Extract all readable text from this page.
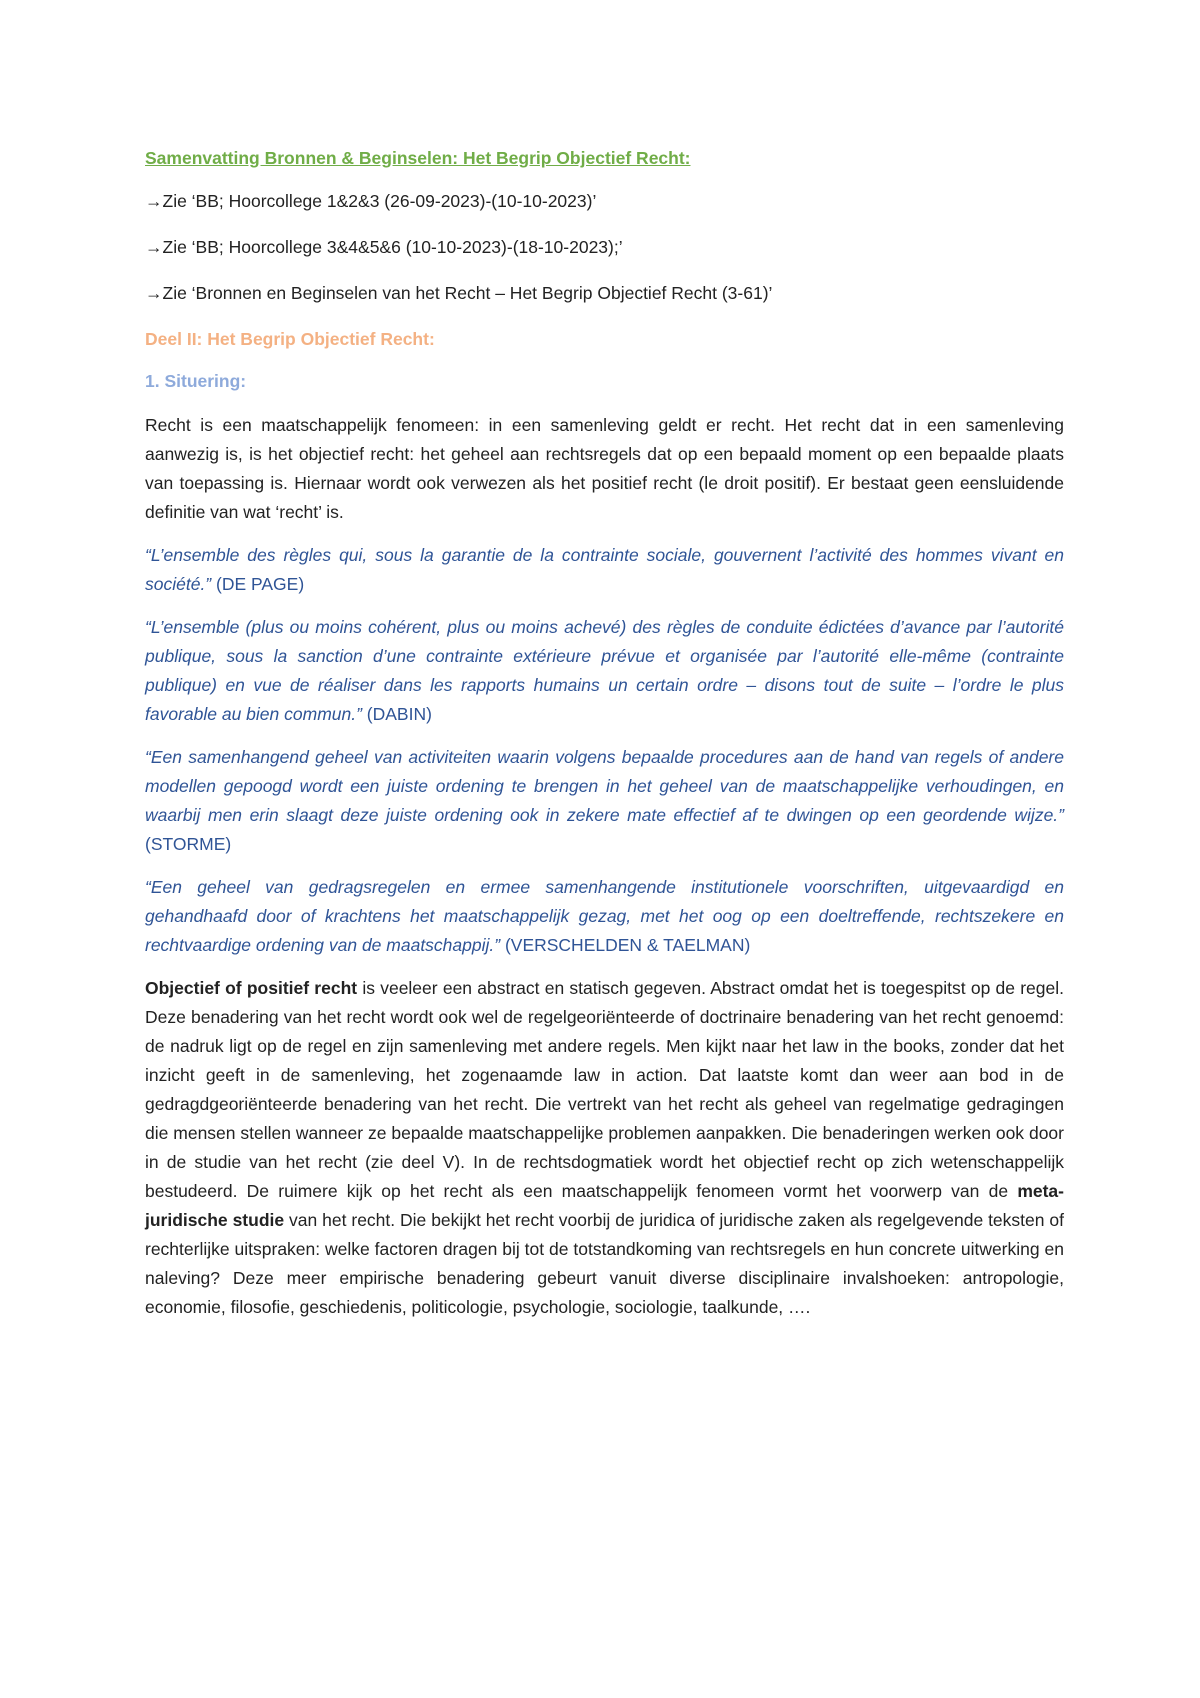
Samenvatting Bronnen & Beginselen: Het Begrip Objectief Recht:
→Zie ‘BB; Hoorcollege 1&2&3 (26-09-2023)-(10-10-2023)’
→Zie ‘BB; Hoorcollege 3&4&5&6 (10-10-2023)-(18-10-2023);’
→Zie ‘Bronnen en Beginselen van het Recht – Het Begrip Objectief Recht (3-61)’
Deel II: Het Begrip Objectief Recht:
1. Situering:

Recht is een maatschappelijk fenomeen: in een samenleving geldt er recht. Het recht dat in een samenleving aanwezig is, is het objectief recht: het geheel aan rechtsregels dat op een bepaald moment op een bepaalde plaats van toepassing is. Hiernaar wordt ook verwezen als het positief recht (le droit positif). Er bestaat geen eensluidende definitie van wat ‘recht’ is.

“L’ensemble des règles qui, sous la garantie de la contrainte sociale, gouvernent l’activité des hommes vivant en société.” (DE PAGE)

“L’ensemble (plus ou moins cohérent, plus ou moins achevé) des règles de conduite édictées d’avance par l’autorité publique, sous la sanction d’une contrainte extérieure prévue et organisée par l’autorité elle-même (contrainte publique) en vue de réaliser dans les rapports humains un certain ordre – disons tout de suite – l’ordre le plus favorable au bien commun.” (DABIN)

“Een samenhangend geheel van activiteiten waarin volgens bepaalde procedures aan de hand van regels of andere modellen gepoogd wordt een juiste ordening te brengen in het geheel van de maatschappelijke verhoudingen, en waarbij men erin slaagt deze juiste ordening ook in zekere mate effectief af te dwingen op een geordende wijze.” (STORME)

“Een geheel van gedragsregelen en ermee samenhangende institutionele voorschriften, uitgevaardigd en gehandhaafd door of krachtens het maatschappelijk gezag, met het oog op een doeltreffende, rechtszekere en rechtvaardige ordening van de maatschappij.” (VERSCHELDEN & TAELMAN)

Objectief of positief recht is veeleer een abstract en statisch gegeven. Abstract omdat het is toegespitst op de regel. Deze benadering van het recht wordt ook wel de regelgeoriënteerde of doctrinaire benadering van het recht genoemd: de nadruk ligt op de regel en zijn samenleving met andere regels. Men kijkt naar het law in the books, zonder dat het inzicht geeft in de samenleving, het zogenaamde law in action. Dat laatste komt dan weer aan bod in de gedragdgeoriënteerde benadering van het recht. Die vertrekt van het recht als geheel van regelmatige gedragingen die mensen stellen wanneer ze bepaalde maatschappelijke problemen aanpakken. Die benaderingen werken ook door in de studie van het recht (zie deel V). In de rechtsdogmatiek wordt het objectief recht op zich wetenschappelijk bestudeerd. De ruimere kijk op het recht als een maatschappelijk fenomeen vormt het voorwerp van de meta-juridische studie van het recht. Die bekijkt het recht voorbij de juridica of juridische zaken als regelgevende teksten of rechterlijke uitspraken: welke factoren dragen bij tot de totstandkoming van rechtsregels en hun concrete uitwerking en naleving? Deze meer empirische benadering gebeurt vanuit diverse disciplinaire invalshoeken: antropologie, economie, filosofie, geschiedenis, politicologie, psychologie, sociologie, taalkunde, ….
